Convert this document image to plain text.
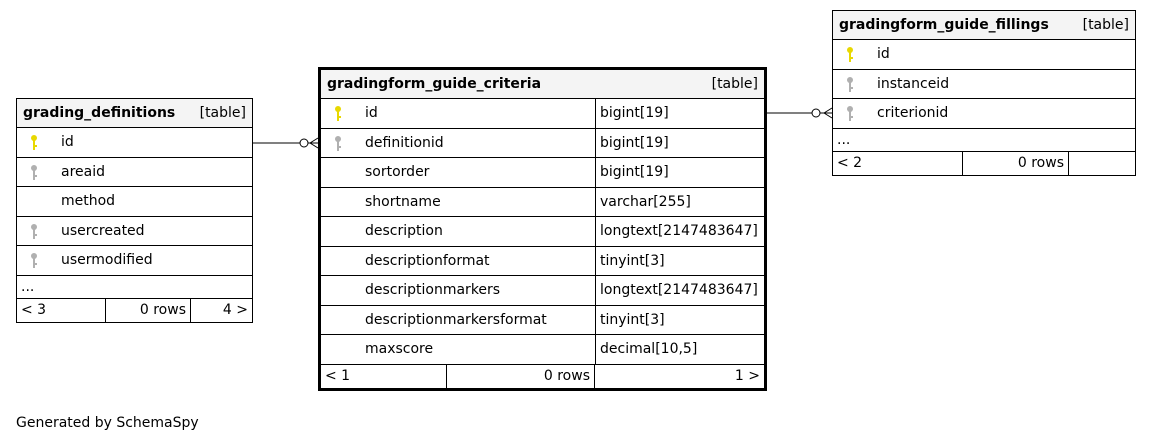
grading_definitions [table]
id
areaid
method
usercreated
usermodified
...
< 3	0 rows	4 >
gradingform_guide_criteria	[table]
id	bigint[19]
definitionid	bigint[19]
sortorder	bigint[19]
shortname	varchar[255]
description	longtext[2147483647]
descriptionformat	tinyint[3]
descriptionmarkers	longtext[2147483647]
descriptionmarkersformat	tinyint[3]
maxscore	decimal[10,5]
< 1	0 rows	1 >
gradingform_guide_fillings [table]
id
instanceid
criterionid
...
< 2	0 rows
Generated by SchemaSpy
